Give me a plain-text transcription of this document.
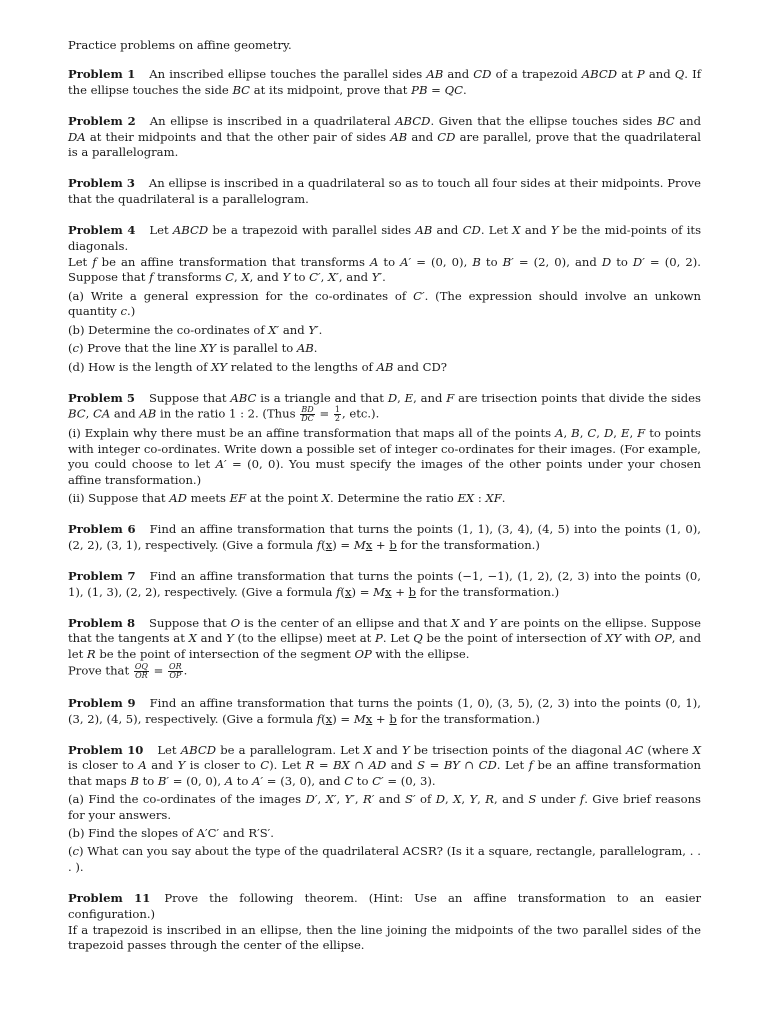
Practice problems on affine geometry.

Problem 1 An inscribed ellipse touches the parallel sides AB and CD of a trapezoid ABCD at P and Q. If the ellipse touches the side BC at its midpoint, prove that PB = QC.

Problem 2 An ellipse is inscribed in a quadrilateral ABCD. Given that the ellipse touches sides BC and DA at their midpoints and that the other pair of sides AB and CD are parallel, prove that the quadrilateral is a parallelogram.

Problem 3 An ellipse is inscribed in a quadrilateral so as to touch all four sides at their midpoints. Prove that the quadrilateral is a parallelogram.

Problem 4 Let ABCD be a trapezoid with parallel sides AB and CD. Let X and Y be the mid-points of its diagonals.

Let f be an affine transformation that transforms A to A′ = (0, 0), B to B′ = (2, 0), and D to D′ = (0, 2). Suppose that f transforms C, X, and Y to C′, X′, and Y′.

(a) Write a general expression for the co-ordinates of C′. (The expression should involve an unkown quantity c.)

(b) Determine the co-ordinates of X′ and Y′.

(c) Prove that the line XY is parallel to AB.

(d) How is the length of XY related to the lengths of AB and CD?

Problem 5 Suppose that ABC is a triangle and that D, E, and F are trisection points that divide the sides BC, CA and AB in the ratio 1 : 2. (Thus $\frac{BD}{DC} = \frac{1}{2}$ , etc.).

(i) Explain why there must be an affine transformation that maps all of the points A, B, C, D, E, F to points with integer co-ordinates. Write down a possible set of integer co-ordinates for their images. (For example, you could choose to let A′ = (0, 0). You must specify the images of the other points under your chosen affine transformation.)

(ii) Suppose that AD meets EF at the point X. Determine the ratio EX : XF.

Problem 6 Find an affine transformation that turns the points (1, 1), (3, 4), (4, 5) into the points (1, 0), (2, 2), (3, 1), respectively. (Give a formula f(x) = Mx + b for the transformation.)

Problem 7 Find an affine transformation that turns the points (−1, −1), (1, 2), (2, 3) into the points (0, 1), (1, 3), (2, 2), respectively. (Give a formula f(x) = Mx + b for the transformation.)

Problem 8 Suppose that O is the center of an ellipse and that X and Y are points on the ellipse. Suppose that the tangents at X and Y (to the ellipse) meet at P. Let Q be the point of intersection of XY with OP, and let R be the point of intersection of the segment OP with the ellipse.

Prove that $\frac{OQ}{OR} = \frac{OR}{OP}$ .

Problem 9 Find an affine transformation that turns the points (1, 0), (3, 5), (2, 3) into the points (0, 1), (3, 2), (4, 5), respectively. (Give a formula f(x) = Mx + b for the transformation.)

Problem 10 Let ABCD be a parallelogram. Let X and Y be trisection points of the diagonal AC (where X is closer to A and Y is closer to C). Let R = BX ∩ AD and S = BY ∩ CD. Let f be an affine transformation that maps B to B′ = (0, 0), A to A′ = (3, 0), and C to C′ = (0, 3).

(a) Find the co-ordinates of the images D′, X′, Y′, R′ and S′ of D, X, Y, R, and S under f. Give brief reasons for your answers.

(b) Find the slopes of A′C′ and R′S′.

(c) What can you say about the type of the quadrilateral ACSR? (Is it a square, rectangle, parallelogram, . . . ).

Problem 11 Prove the following theorem. (Hint: Use an affine transformation to an easier configuration.)

If a trapezoid is inscribed in an ellipse, then the line joining the midpoints of the two parallel sides of the trapezoid passes through the center of the ellipse.
